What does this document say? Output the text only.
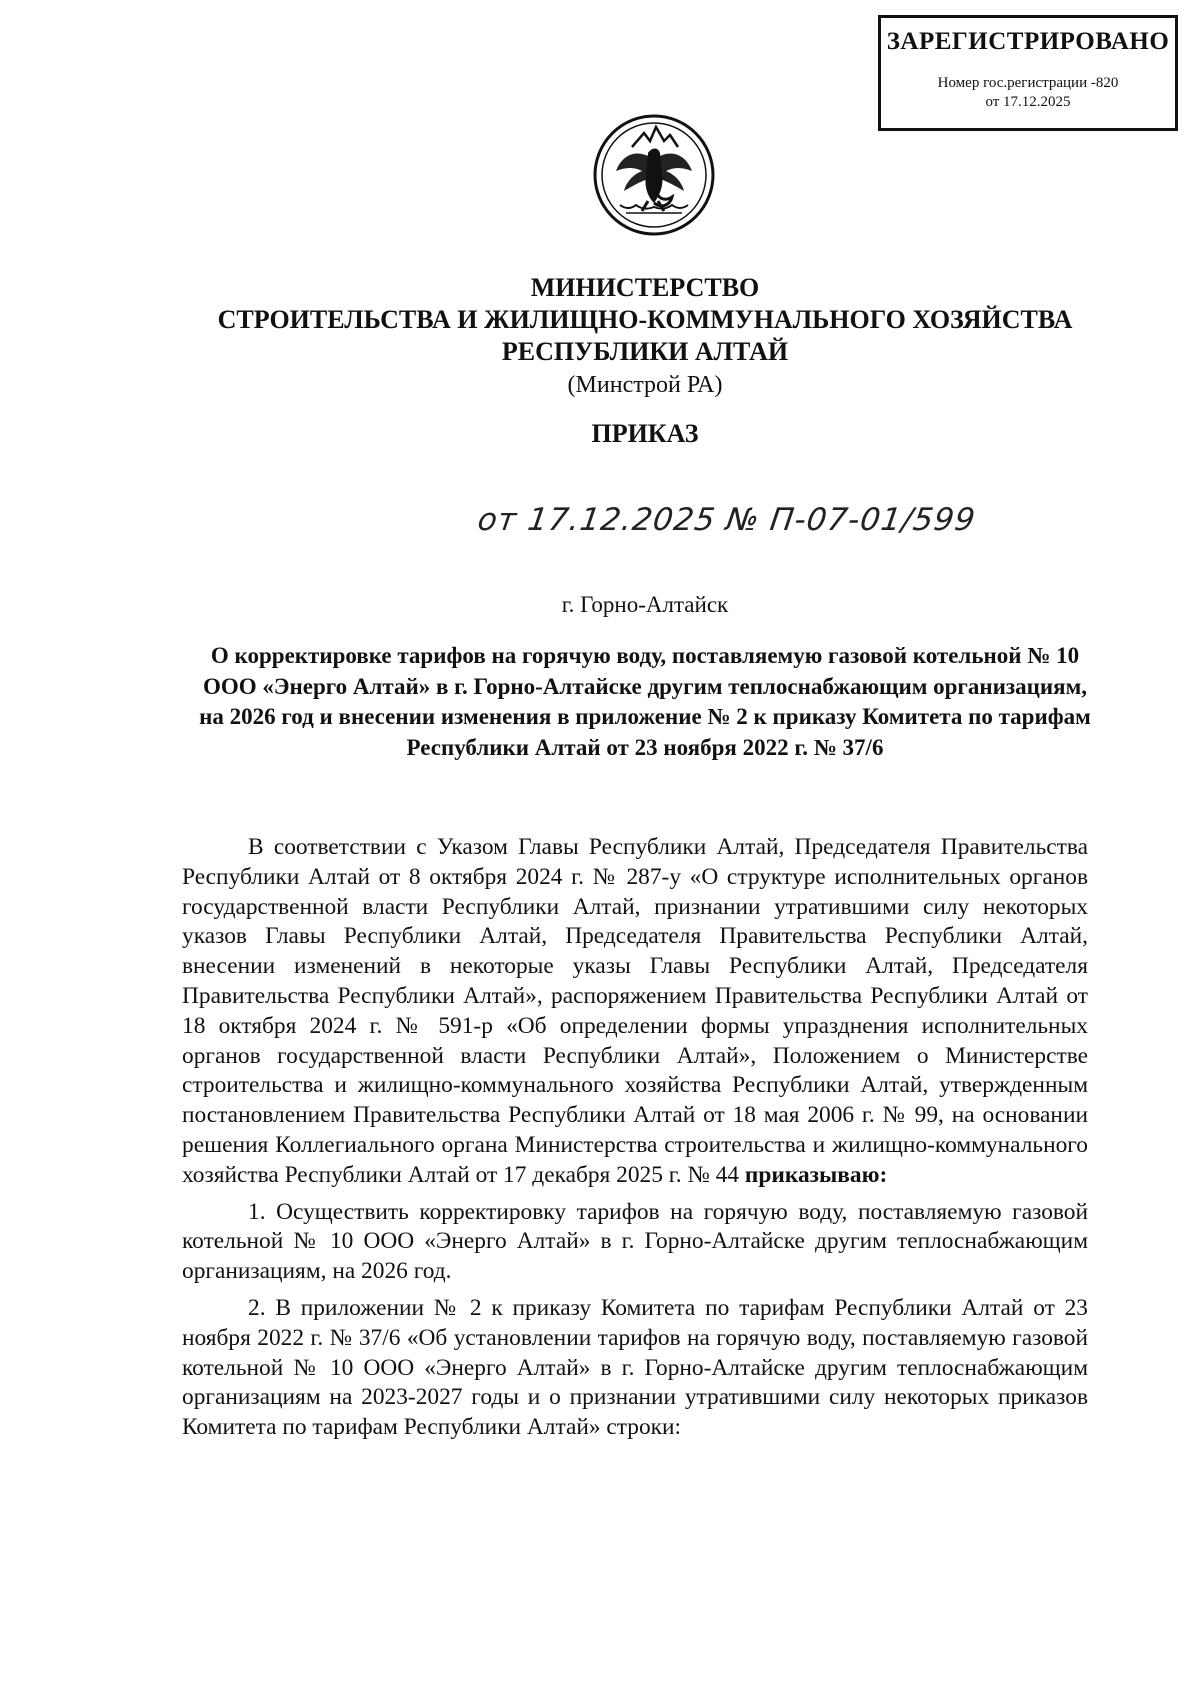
ЗАРЕГИСТРИРОВАНО
Номер гос.регистрации -820
от 17.12.2025
МИНИСТЕРСТВО
СТРОИТЕЛЬСТВА И ЖИЛИЩНО-КОММУНАЛЬНОГО ХОЗЯЙСТВА
РЕСПУБЛИКИ АЛТАЙ
(Минстрой РА)
ПРИКАЗ
от 17.12.2025 № П-07-01/599
г. Горно-Алтайск
О корректировке тарифов на горячую воду, поставляемую газовой котельной № 10 ООО «Энерго Алтай» в г. Горно-Алтайске другим теплоснабжающим организациям, на 2026 год и внесении изменения в приложение № 2 к приказу Комитета по тарифам Республики Алтай от 23 ноября 2022 г. № 37/6

В соответствии с Указом Главы Республики Алтай, Председателя Правительства Республики Алтай от 8 октября 2024 г. № 287-у «О структуре исполнительных органов государственной власти Республики Алтай, признании утратившими силу некоторых указов Главы Республики Алтай, Председателя Правительства Республики Алтай, внесении изменений в некоторые указы Главы Республики Алтай, Председателя Правительства Республики Алтай», распоряжением Правительства Республики Алтай от 18 октября 2024 г. № 591-р «Об определении формы упразднения исполнительных органов государственной власти Республики Алтай», Положением о Министерстве строительства и жилищно-коммунального хозяйства Республики Алтай, утвержденным постановлением Правительства Республики Алтай от 18 мая 2006 г. № 99, на основании решения Коллегиального органа Министерства строительства и жилищно-коммунального хозяйства Республики Алтай от 17 декабря 2025 г. № 44 приказываю:

1. Осуществить корректировку тарифов на горячую воду, поставляемую газовой котельной № 10 ООО «Энерго Алтай» в г. Горно-Алтайске другим теплоснабжающим организациям, на 2026 год.

2. В приложении № 2 к приказу Комитета по тарифам Республики Алтай от 23 ноября 2022 г. № 37/6 «Об установлении тарифов на горячую воду, поставляемую газовой котельной № 10 ООО «Энерго Алтай» в г. Горно-Алтайске другим теплоснабжающим организациям на 2023-2027 годы и о признании утратившими силу некоторых приказов Комитета по тарифам Республики Алтай» строки:
